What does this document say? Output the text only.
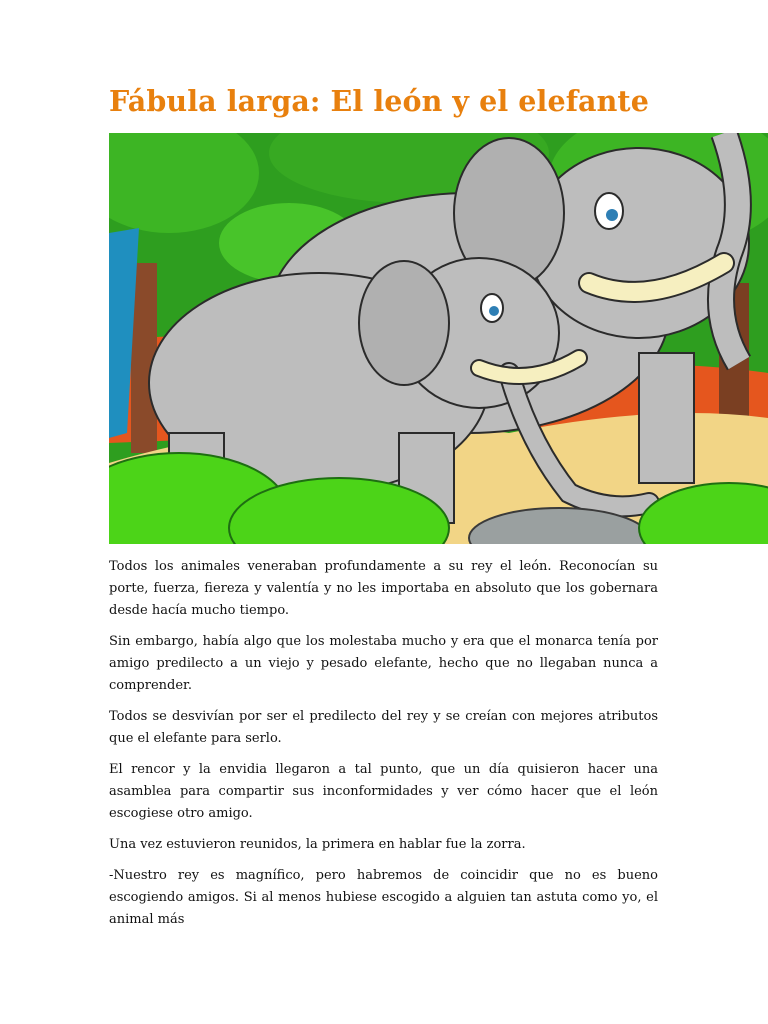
Fábula larga: El león y el elefante

Todos los animales veneraban profundamente a su rey el león. Reconocían su porte, fuerza, fiereza y valentía y no les importaba en absoluto que los gobernara desde hacía mucho tiempo.

Sin embargo, había algo que los molestaba mucho y era que el monarca tenía por amigo predilecto a un viejo y pesado elefante, hecho que no llegaban nunca a comprender.

Todos se desvivían por ser el predilecto del rey y se creían con mejores atributos que el elefante para serlo.

El rencor y la envidia llegaron a tal punto, que un día quisieron hacer una asamblea para compartir sus inconformidades y ver cómo hacer que el león escogiese otro amigo.

Una vez estuvieron reunidos, la primera en hablar fue la zorra.

-Nuestro rey es magnífico, pero habremos de coincidir que no es bueno escogiendo amigos. Si al menos hubiese escogido a alguien tan astuta como yo, el animal más
